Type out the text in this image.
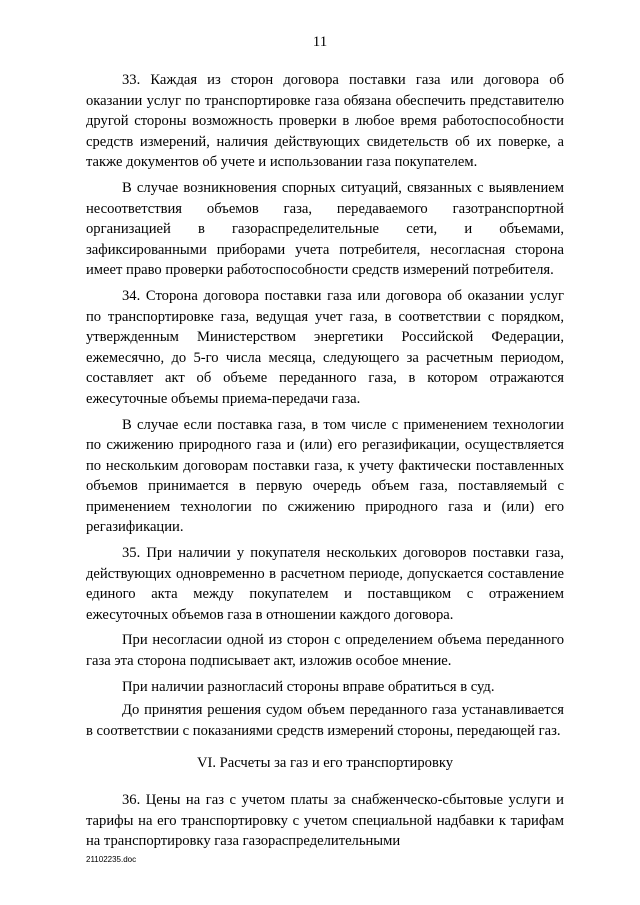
11

33. Каждая из сторон договора поставки газа или договора об оказании услуг по транспортировке газа обязана обеспечить представителю другой стороны возможность проверки в любое время работоспособности средств измерений, наличия действующих свидетельств об их поверке, а также документов об учете и использовании газа покупателем.

В случае возникновения спорных ситуаций, связанных с выявлением несоответствия объемов газа, передаваемого газотранспортной организацией в газораспределительные сети, и объемами, зафиксированными приборами учета потребителя, несогласная сторона имеет право проверки работоспособности средств измерений потребителя.

34. Сторона договора поставки газа или договора об оказании услуг по транспортировке газа, ведущая учет газа, в соответствии с порядком, утвержденным Министерством энергетики Российской Федерации, ежемесячно, до 5-го числа месяца, следующего за расчетным периодом, составляет акт об объеме переданного газа, в котором отражаются ежесуточные объемы приема-передачи газа.

В случае если поставка газа, в том числе с применением технологии по сжижению природного газа и (или) его регазификации, осуществляется по нескольким договорам поставки газа, к учету фактически поставленных объемов принимается в первую очередь объем газа, поставляемый с применением технологии по сжижению природного газа и (или) его регазификации.

35. При наличии у покупателя нескольких договоров поставки газа, действующих одновременно в расчетном периоде, допускается составление единого акта между покупателем и поставщиком с отражением ежесуточных объемов газа в отношении каждого договора.

При несогласии одной из сторон с определением объема переданного газа эта сторона подписывает акт, изложив особое мнение.

При наличии разногласий стороны вправе обратиться в суд.

До принятия решения судом объем переданного газа устанавливается в соответствии с показаниями средств измерений стороны, передающей газ.

VI. Расчеты за газ и его транспортировку

36. Цены на газ с учетом платы за снабженческо-сбытовые услуги и тарифы на его транспортировку с учетом специальной надбавки к тарифам на транспортировку газа газораспределительными

21102235.doc
